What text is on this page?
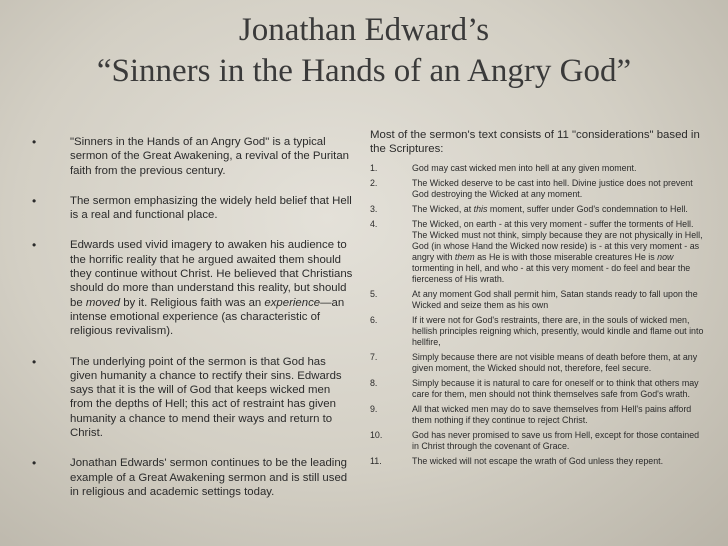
Jonathan Edward’s
“Sinners in the Hands of an Angry God”
•	"Sinners in the Hands of an Angry God" is a typical sermon of the Great Awakening, a revival of the Puritan faith from the previous century.
•	The sermon emphasizing the widely held belief that Hell is a real and functional place.
•	Edwards used vivid imagery to awaken his audience to the horrific reality that he argued awaited them should they continue without Christ. He believed that Christians should do more than understand this reality, but should be moved by it. Religious faith was an experience—an intense emotional experience (as characteristic of religious revivalism).
•	The underlying point of the sermon is that God has given humanity a chance to rectify their sins. Edwards says that it is the will of God that keeps wicked men from the depths of Hell; this act of restraint has given humanity a chance to mend their ways and return to Christ.
•	Jonathan Edwards' sermon continues to be the leading example of a Great Awakening sermon and is still used in religious and academic settings today.
Most of the sermon's text consists of 11 "considerations" based in the Scriptures:
1.	God may cast wicked men into hell at any given moment.
2.	The Wicked deserve to be cast into hell. Divine justice does not prevent God destroying the Wicked at any moment.
3.	The Wicked, at this moment, suffer under God's condemnation to Hell.
4.	The Wicked, on earth - at this very moment - suffer the torments of Hell. The Wicked must not think, simply because they are not physically in Hell, God (in whose Hand the Wicked now reside) is - at this very moment - as angry with them as He is with those miserable creatures He is now tormenting in hell, and who - at this very moment - do feel and bear the fierceness of His wrath.
5.	At any moment God shall permit him, Satan stands ready to fall upon the Wicked and seize them as his own
6.	If it were not for God's restraints, there are, in the souls of wicked men, hellish principles reigning which, presently, would kindle and flame out into hellfire,
7.	Simply because there are not visible means of death before them, at any given moment, the Wicked should not, therefore, feel secure.
8.	Simply because it is natural to care for oneself or to think that others may care for them, men should not think themselves safe from God's wrath.
9.	All that wicked men may do to save themselves from Hell's pains afford them nothing if they continue to reject Christ.
10.	God has never promised to save us from Hell, except for those contained in Christ through the covenant of Grace.
11.	The wicked will not escape the wrath of God unless they repent.
